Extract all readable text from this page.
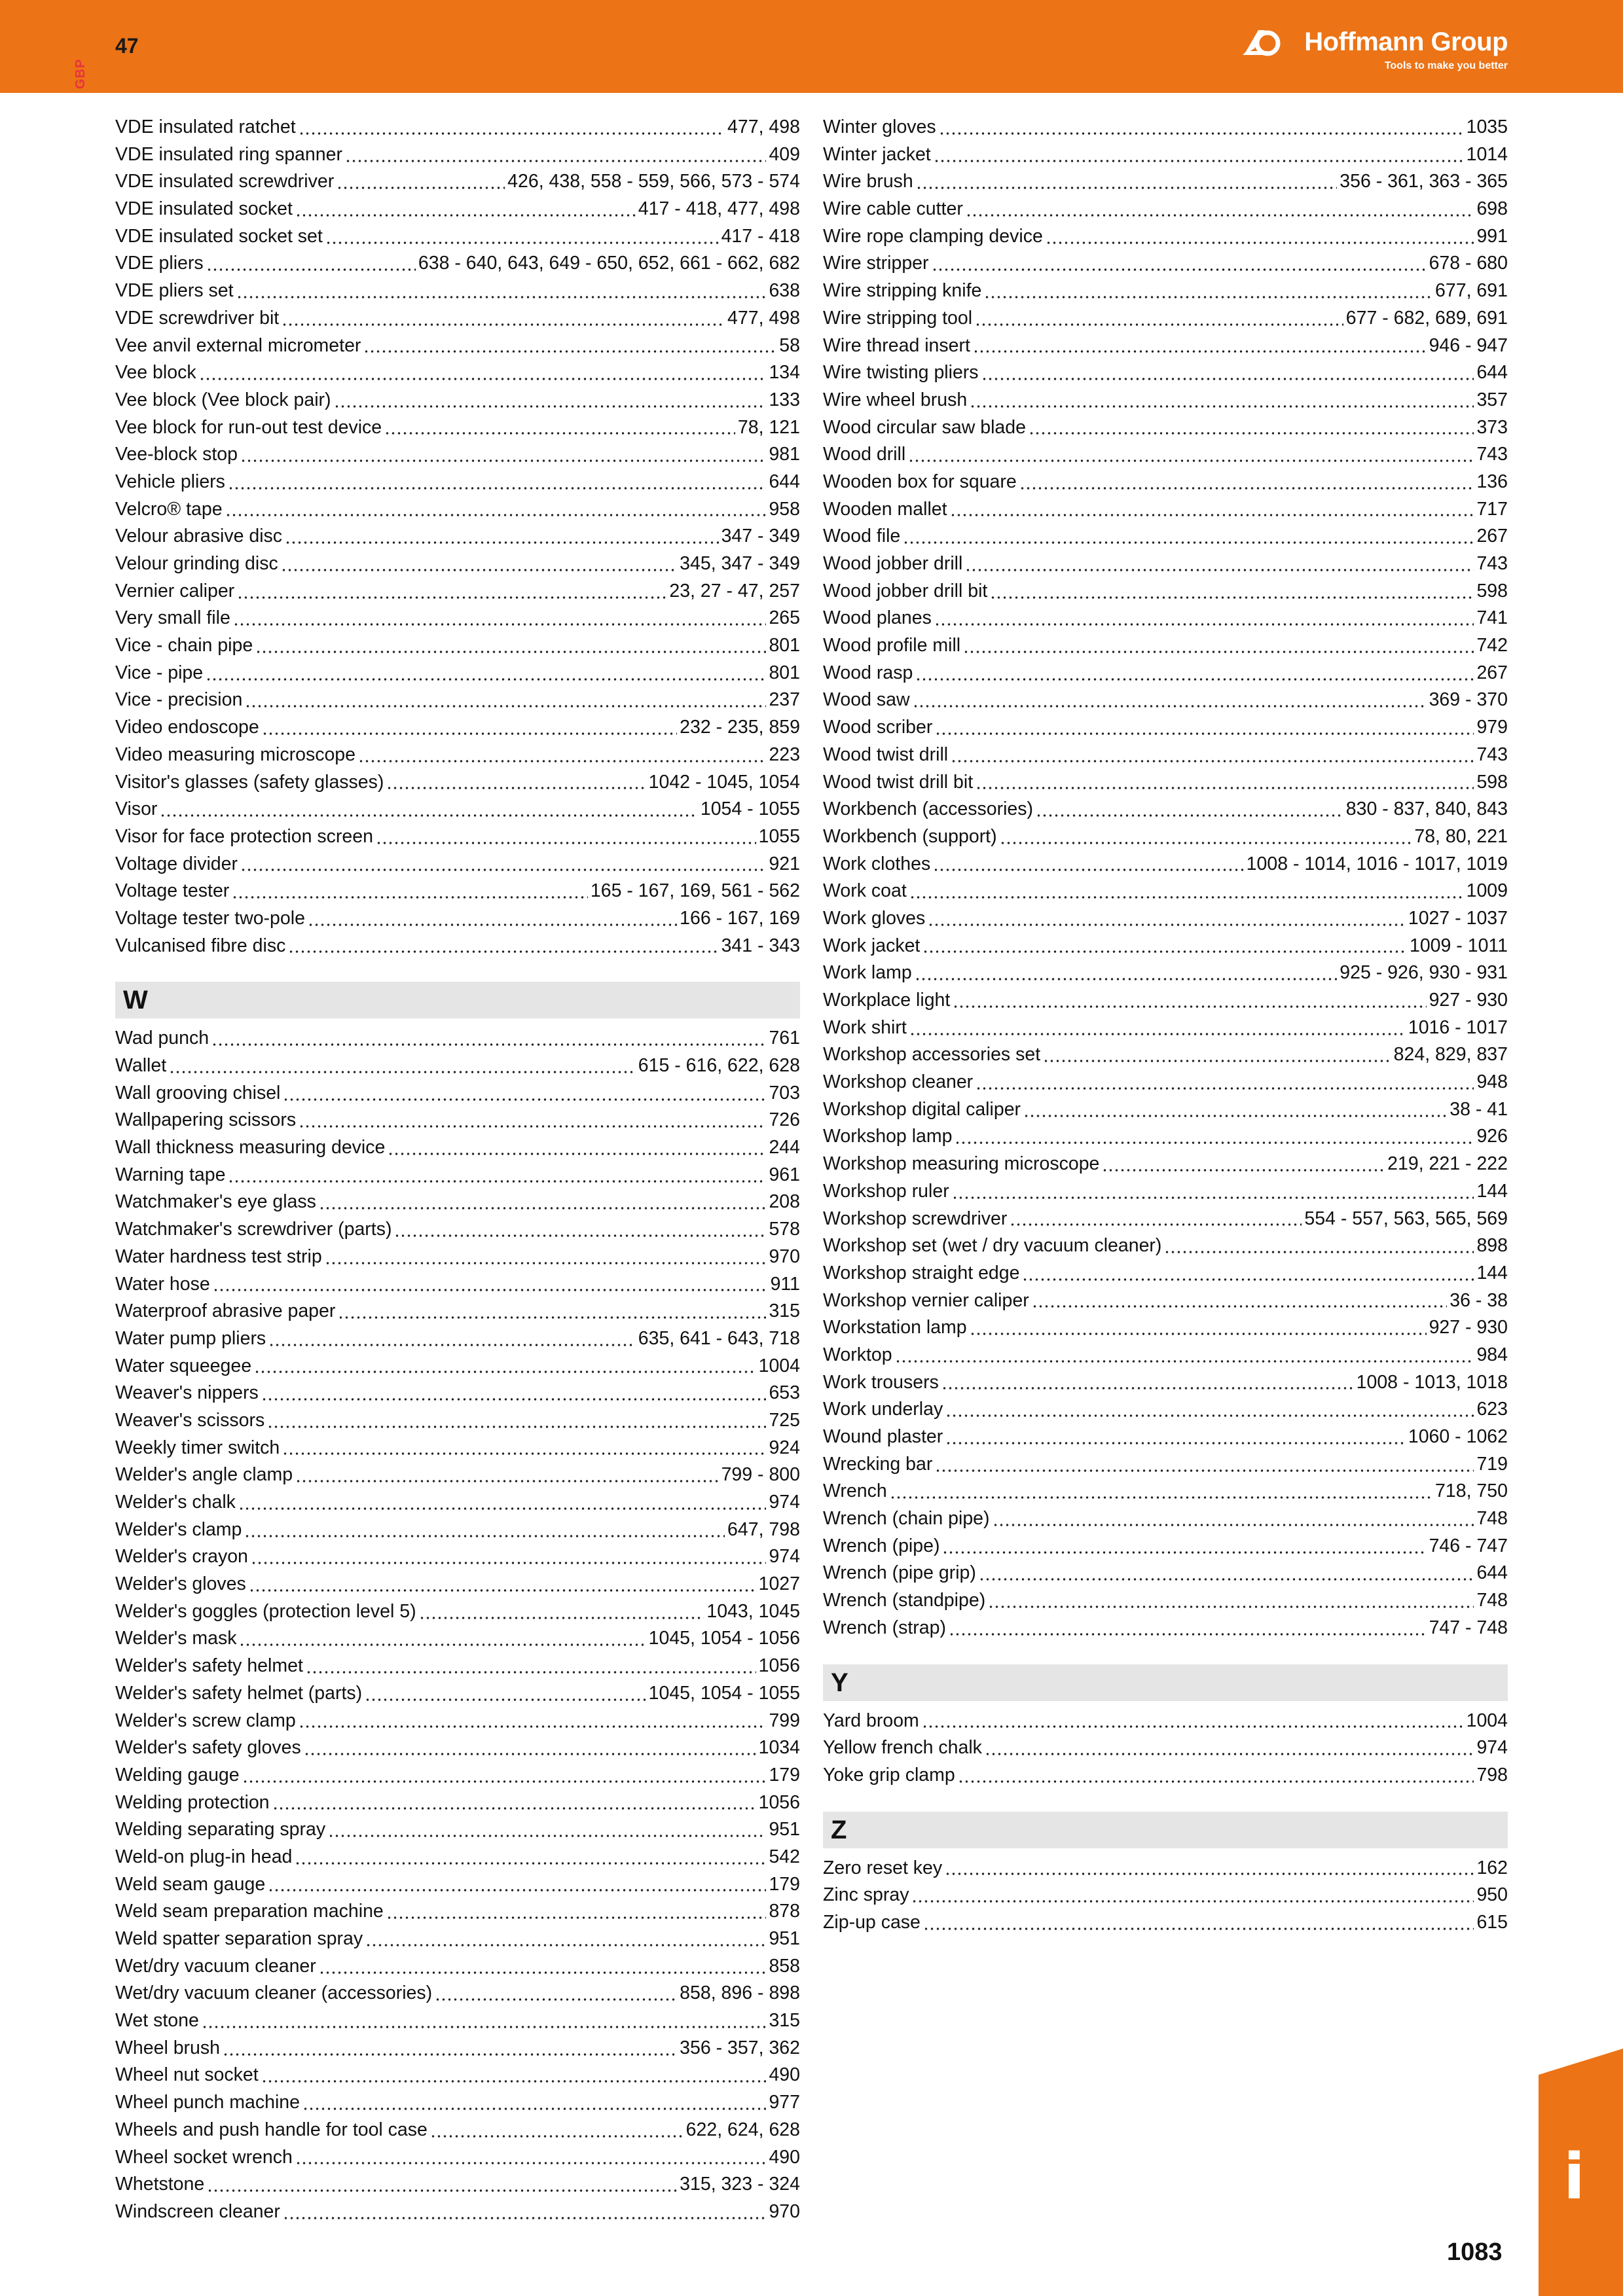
GBP
47	Hoffmann Group
Tools to make you better
VDE insulated ratchet	477, 498
VDE insulated ring spanner	409
VDE insulated screwdriver	426, 438, 558 - 559, 566, 573 - 574
VDE insulated socket	417 - 418, 477, 498
VDE insulated socket set	417 - 418
VDE pliers	638 - 640, 643, 649 - 650, 652, 661 - 662, 682
VDE pliers set	638
VDE screwdriver bit	477, 498
Vee anvil external micrometer	58
Vee block	134
Vee block (Vee block pair)	133
Vee block for run-out test device	78, 121
Vee-block stop	981
Vehicle pliers	644
Velcro® tape	958
Velour abrasive disc	347 - 349
Velour grinding disc	345, 347 - 349
Vernier caliper	23, 27 - 47, 257
Very small file	265
Vice - chain pipe	801
Vice - pipe	801
Vice - precision	237
Video endoscope	232 - 235, 859
Video measuring microscope	223
Visitor's glasses (safety glasses)	1042 - 1045, 1054
Visor	1054 - 1055
Visor for face protection screen	1055
Voltage divider	921
Voltage tester	165 - 167, 169, 561 - 562
Voltage tester two-pole	166 - 167, 169
Vulcanised fibre disc	341 - 343
W
Wad punch	761
Wallet	615 - 616, 622, 628
Wall grooving chisel	703
Wallpapering scissors	726
Wall thickness measuring device	244
Warning tape	961
Watchmaker's eye glass	208
Watchmaker's screwdriver (parts)	578
Water hardness test strip	970
Water hose	911
Waterproof abrasive paper	315
Water pump pliers	635, 641 - 643, 718
Water squeegee	1004
Weaver's nippers	653
Weaver's scissors	725
Weekly timer switch	924
Welder's angle clamp	799 - 800
Welder's chalk	974
Welder's clamp	647, 798
Welder's crayon	974
Welder's gloves	1027
Welder's goggles (protection level 5)	1043, 1045
Welder's mask	1045, 1054 - 1056
Welder's safety helmet	1056
Welder's safety helmet (parts)	1045, 1054 - 1055
Welder's screw clamp	799
Welder's safety gloves	1034
Welding gauge	179
Welding protection	1056
Welding separating spray	951
Weld-on plug-in head	542
Weld seam gauge	179
Weld seam preparation machine	878
Weld spatter separation spray	951
Wet/dry vacuum cleaner	858
Wet/dry vacuum cleaner (accessories)	858, 896 - 898
Wet stone	315
Wheel brush	356 - 357, 362
Wheel nut socket	490
Wheel punch machine	977
Wheels and push handle for tool case	622, 624, 628
Wheel socket wrench	490
Whetstone	315, 323 - 324
Windscreen cleaner	970
Winter gloves	1035
Winter jacket	1014
Wire brush	356 - 361, 363 - 365
Wire cable cutter	698
Wire rope clamping device	991
Wire stripper	678 - 680
Wire stripping knife	677, 691
Wire stripping tool	677 - 682, 689, 691
Wire thread insert	946 - 947
Wire twisting pliers	644
Wire wheel brush	357
Wood circular saw blade	373
Wood drill	743
Wooden box for square	136
Wooden mallet	717
Wood file	267
Wood jobber drill	743
Wood jobber drill bit	598
Wood planes	741
Wood profile mill	742
Wood rasp	267
Wood saw	369 - 370
Wood scriber	979
Wood twist drill	743
Wood twist drill bit	598
Workbench (accessories)	830 - 837, 840, 843
Workbench (support)	78, 80, 221
Work clothes	1008 - 1014, 1016 - 1017, 1019
Work coat	1009
Work gloves	1027 - 1037
Work jacket	1009 - 1011
Work lamp	925 - 926, 930 - 931
Workplace light	927 - 930
Work shirt	1016 - 1017
Workshop accessories set	824, 829, 837
Workshop cleaner	948
Workshop digital caliper	38 - 41
Workshop lamp	926
Workshop measuring microscope	219, 221 - 222
Workshop ruler	144
Workshop screwdriver	554 - 557, 563, 565, 569
Workshop set (wet / dry vacuum cleaner)	898
Workshop straight edge	144
Workshop vernier caliper	36 - 38
Workstation lamp	927 - 930
Worktop	984
Work trousers	1008 - 1013, 1018
Work underlay	623
Wound plaster	1060 - 1062
Wrecking bar	719
Wrench	718, 750
Wrench (chain pipe)	748
Wrench (pipe)	746 - 747
Wrench (pipe grip)	644
Wrench (standpipe)	748
Wrench (strap)	747 - 748
Y
Yard broom	1004
Yellow french chalk	974
Yoke grip clamp	798
Z
Zero reset key	162
Zinc spray	950
Zip-up case	615
i
1083
